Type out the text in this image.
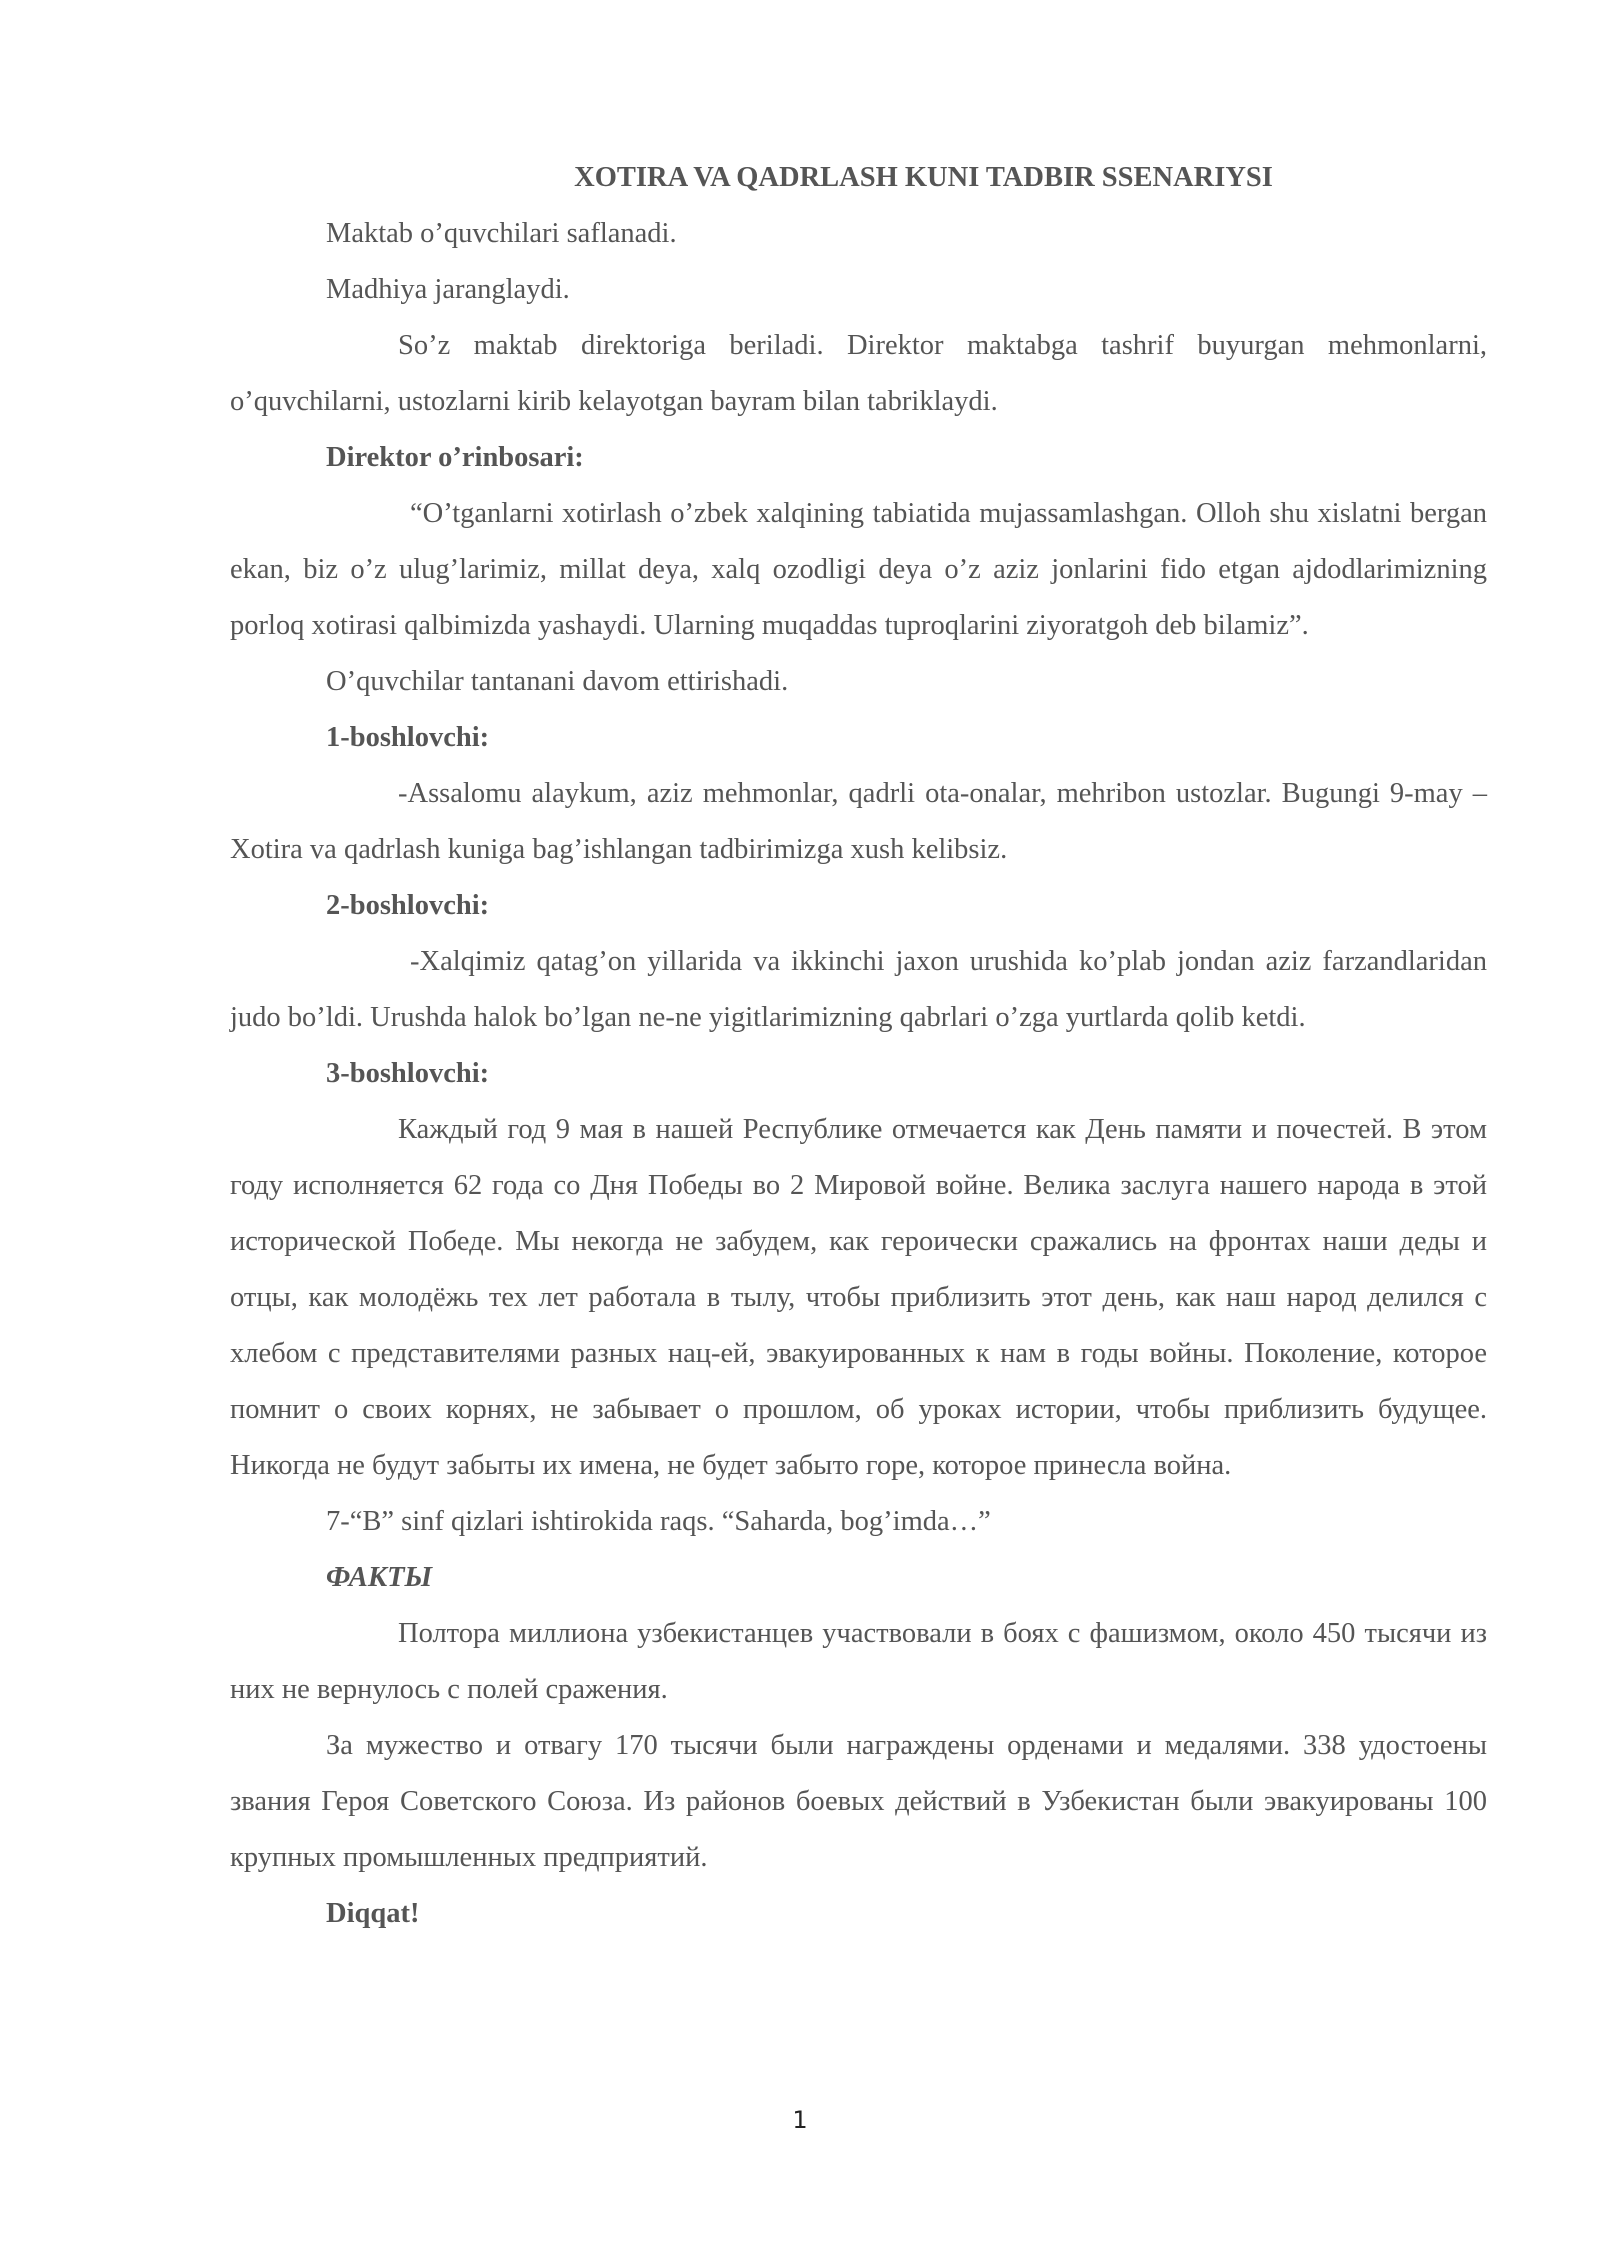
XOTIRA VA QADRLASH KUNI TADBIR SSENARIYSI

Maktab o’quvchilari saflanadi.

Madhiya jaranglaydi.

So’z maktab direktoriga beriladi. Direktor maktabga tashrif buyurgan mehmonlarni, o’quvchilarni, ustozlarni kirib kelayotgan bayram bilan tabriklaydi.

Direktor o’rinbosari:

“O’tganlarni xotirlash o’zbek xalqining tabiatida mujassamlashgan. Olloh shu xislatni bergan ekan, biz o’z ulug’larimiz, millat deya, xalq ozodligi deya o’z aziz jonlarini fido etgan ajdodlarimizning porloq xotirasi qalbimizda yashaydi. Ularning muqaddas tuproqlarini ziyoratgoh deb bilamiz”.

O’quvchilar tantanani davom ettirishadi.

1-boshlovchi:

-Assalomu alaykum, aziz mehmonlar, qadrli ota-onalar, mehribon ustozlar. Bugungi 9-may – Xotira va qadrlash kuniga bag’ishlangan tadbirimizga xush kelibsiz.

2-boshlovchi:

-Xalqimiz qatag’on yillarida va ikkinchi jaxon urushida ko’plab jondan aziz farzandlaridan judo bo’ldi. Urushda halok bo’lgan ne-ne yigitlarimizning qabrlari o’zga yurtlarda qolib ketdi.

3-boshlovchi:

Каждый год 9 мая в нашей Республике отмечается как День памяти и почестей. В этом году исполняется 62 года со Дня Победы во 2 Мировой войне. Велика заслуга нашего народа в этой исторической Победе. Мы некогда не забудем, как героически сражались на фронтах наши деды и отцы, как молодёжь тех лет работала в тылу, чтобы приблизить этот день, как наш народ делился с хлебом с представителями разных нац-ей, эвакуированных к нам в годы войны. Поколение, которое помнит о своих корнях, не забывает о прошлом, об уроках истории, чтобы приблизить будущее. Никогда не будут забыты их имена, не будет забыто горе, которое принесла война.

7-“B” sinf qizlari ishtirokida raqs. “Saharda, bog’imda…”

ФАКТЫ

Полтора миллиона узбекистанцев участвовали в боях с фашизмом, около 450 тысячи из них не вернулось с полей сражения.

За мужество и отвагу 170 тысячи были награждены орденами и медалями. 338 удостоены звания Героя Советского Союза. Из районов боевых действий в Узбекистан были эвакуированы 100 крупных промышленных предприятий.

Diqqat!

1
